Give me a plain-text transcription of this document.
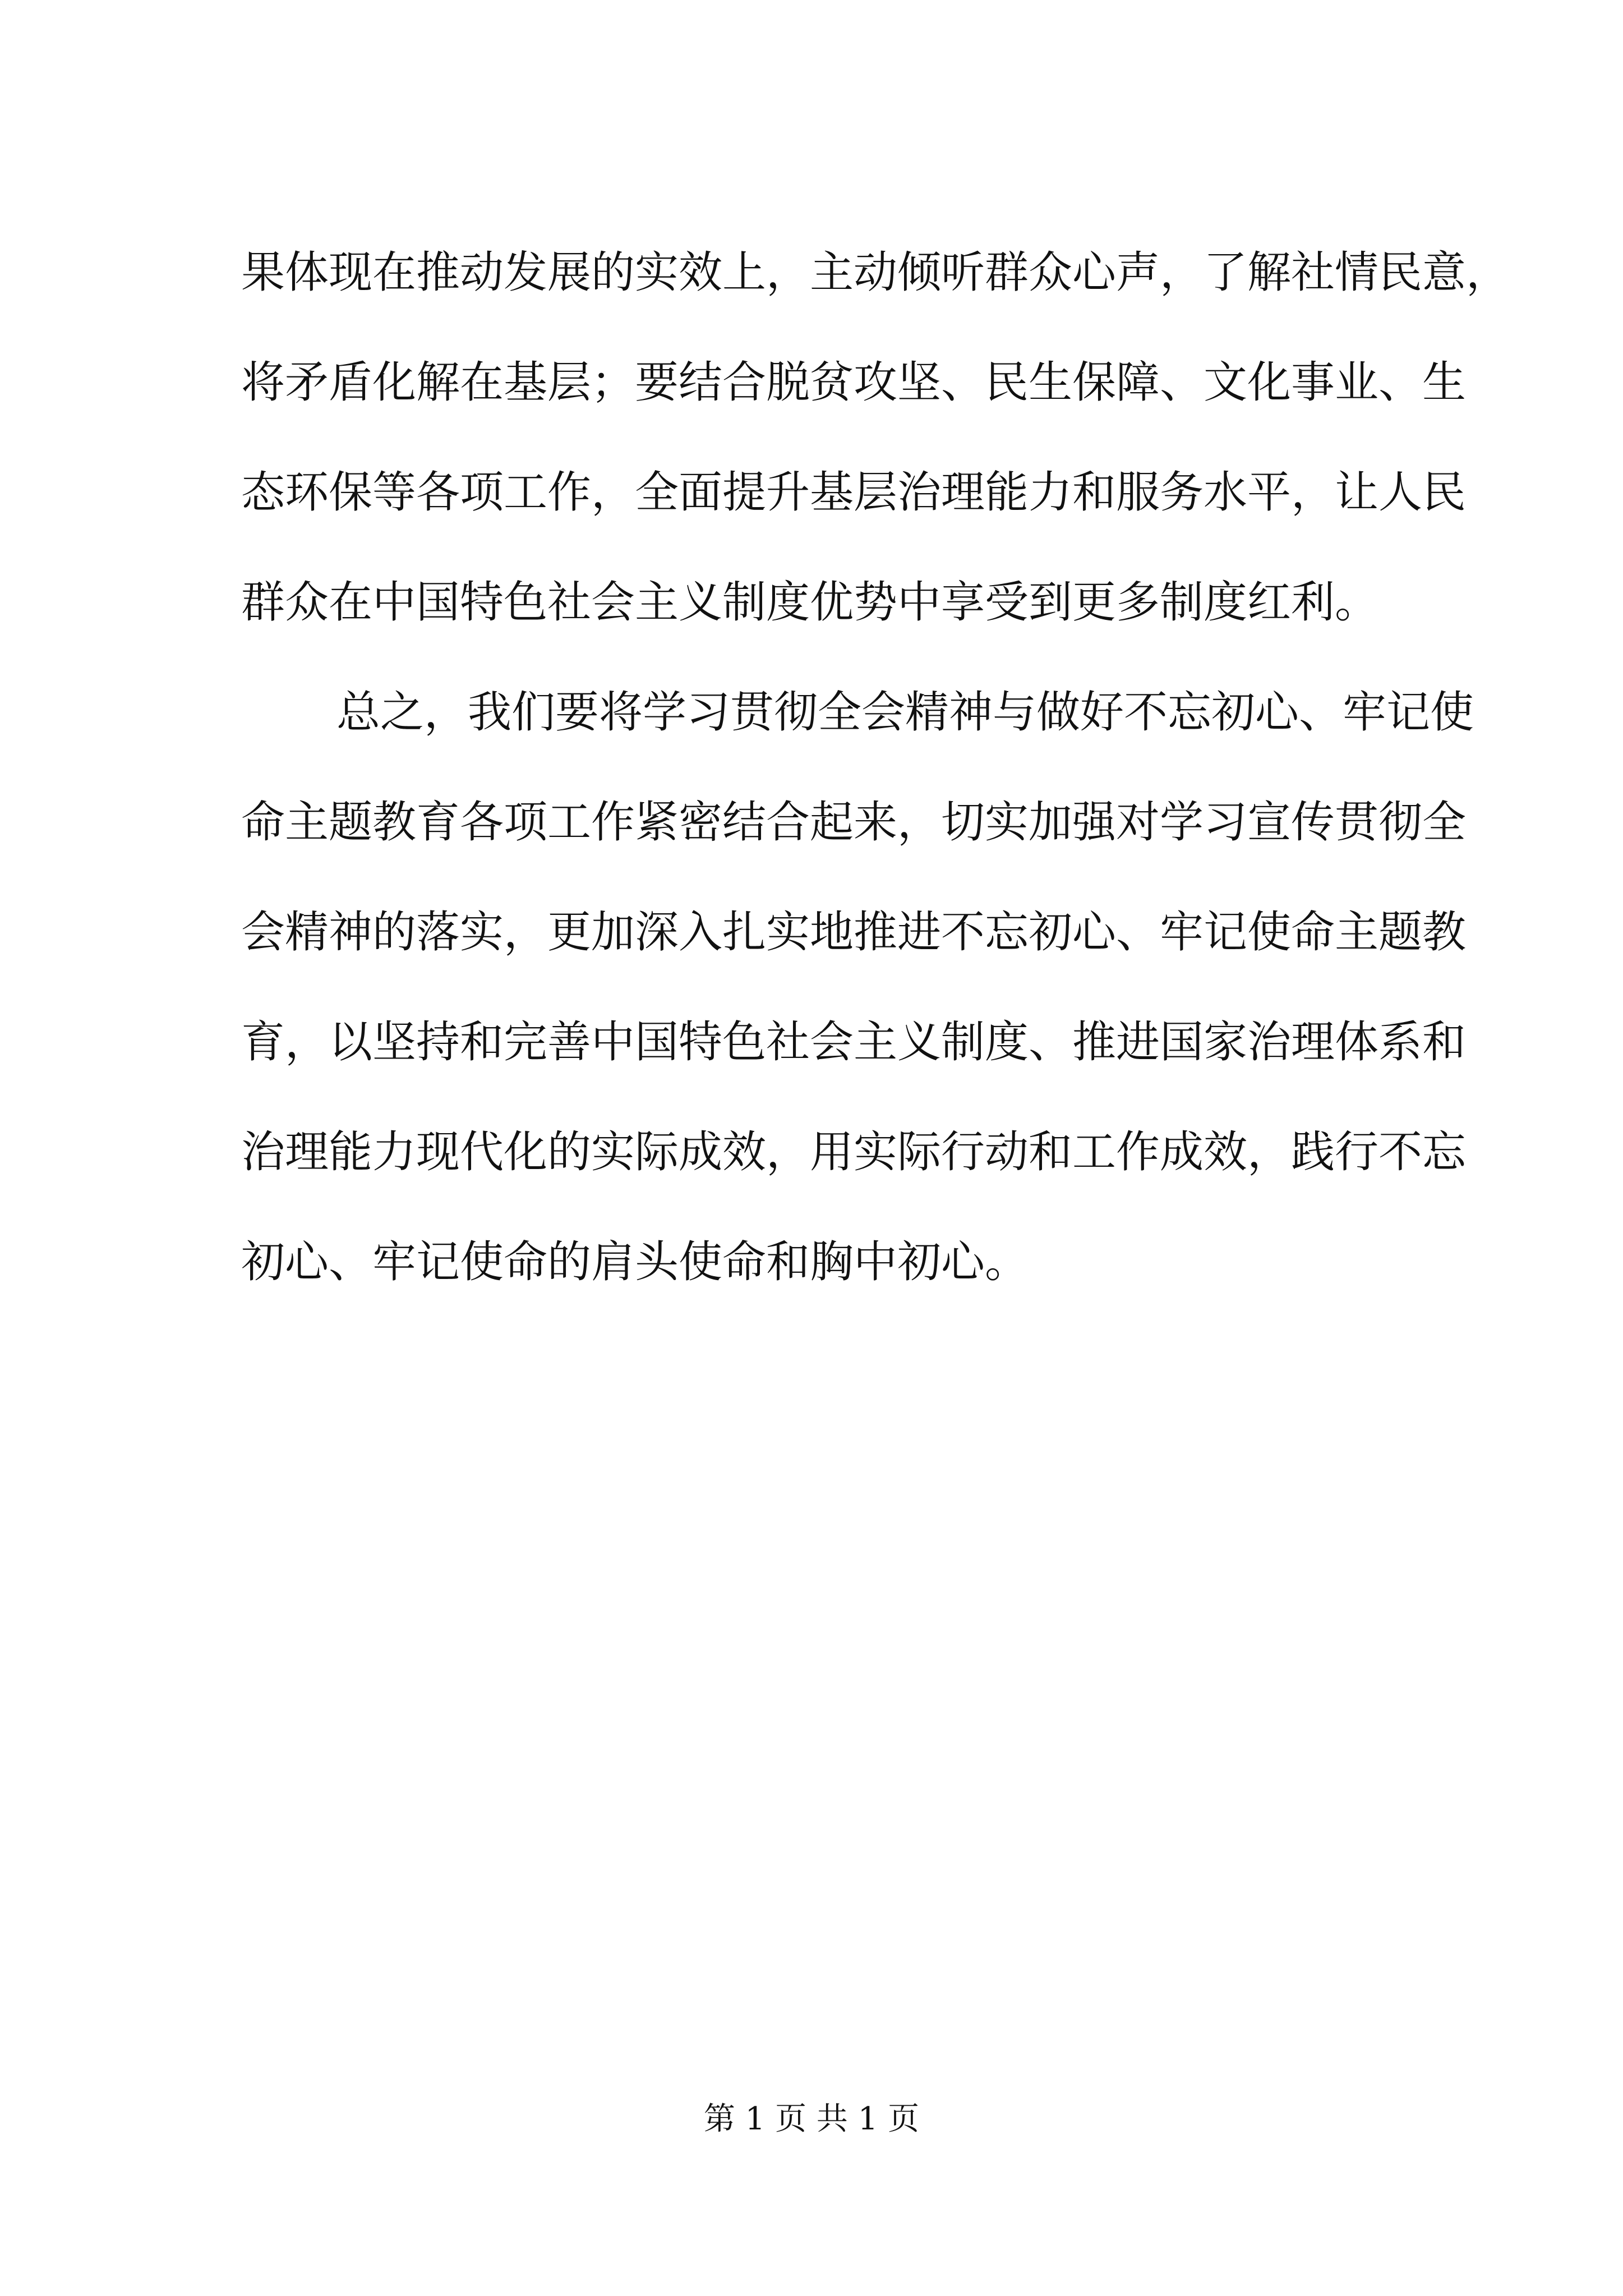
果体现在推动发展的实效上，主动倾听群众心声，了解社情民意，
将矛盾化解在基层；要结合脱贫攻坚、民生保障、文化事业、生
态环保等各项工作，全面提升基层治理能力和服务水平，让人民
群众在中国特色社会主义制度优势中享受到更多制度红利。
总之，我们要将学习贯彻全会精神与做好不忘初心、牢记使
命主题教育各项工作紧密结合起来，切实加强对学习宣传贯彻全
会精神的落实，更加深入扎实地推进不忘初心、牢记使命主题教
育，以坚持和完善中国特色社会主义制度、推进国家治理体系和
治理能力现代化的实际成效，用实际行动和工作成效，践行不忘
初心、牢记使命的肩头使命和胸中初心。
第 1 页 共 1 页
